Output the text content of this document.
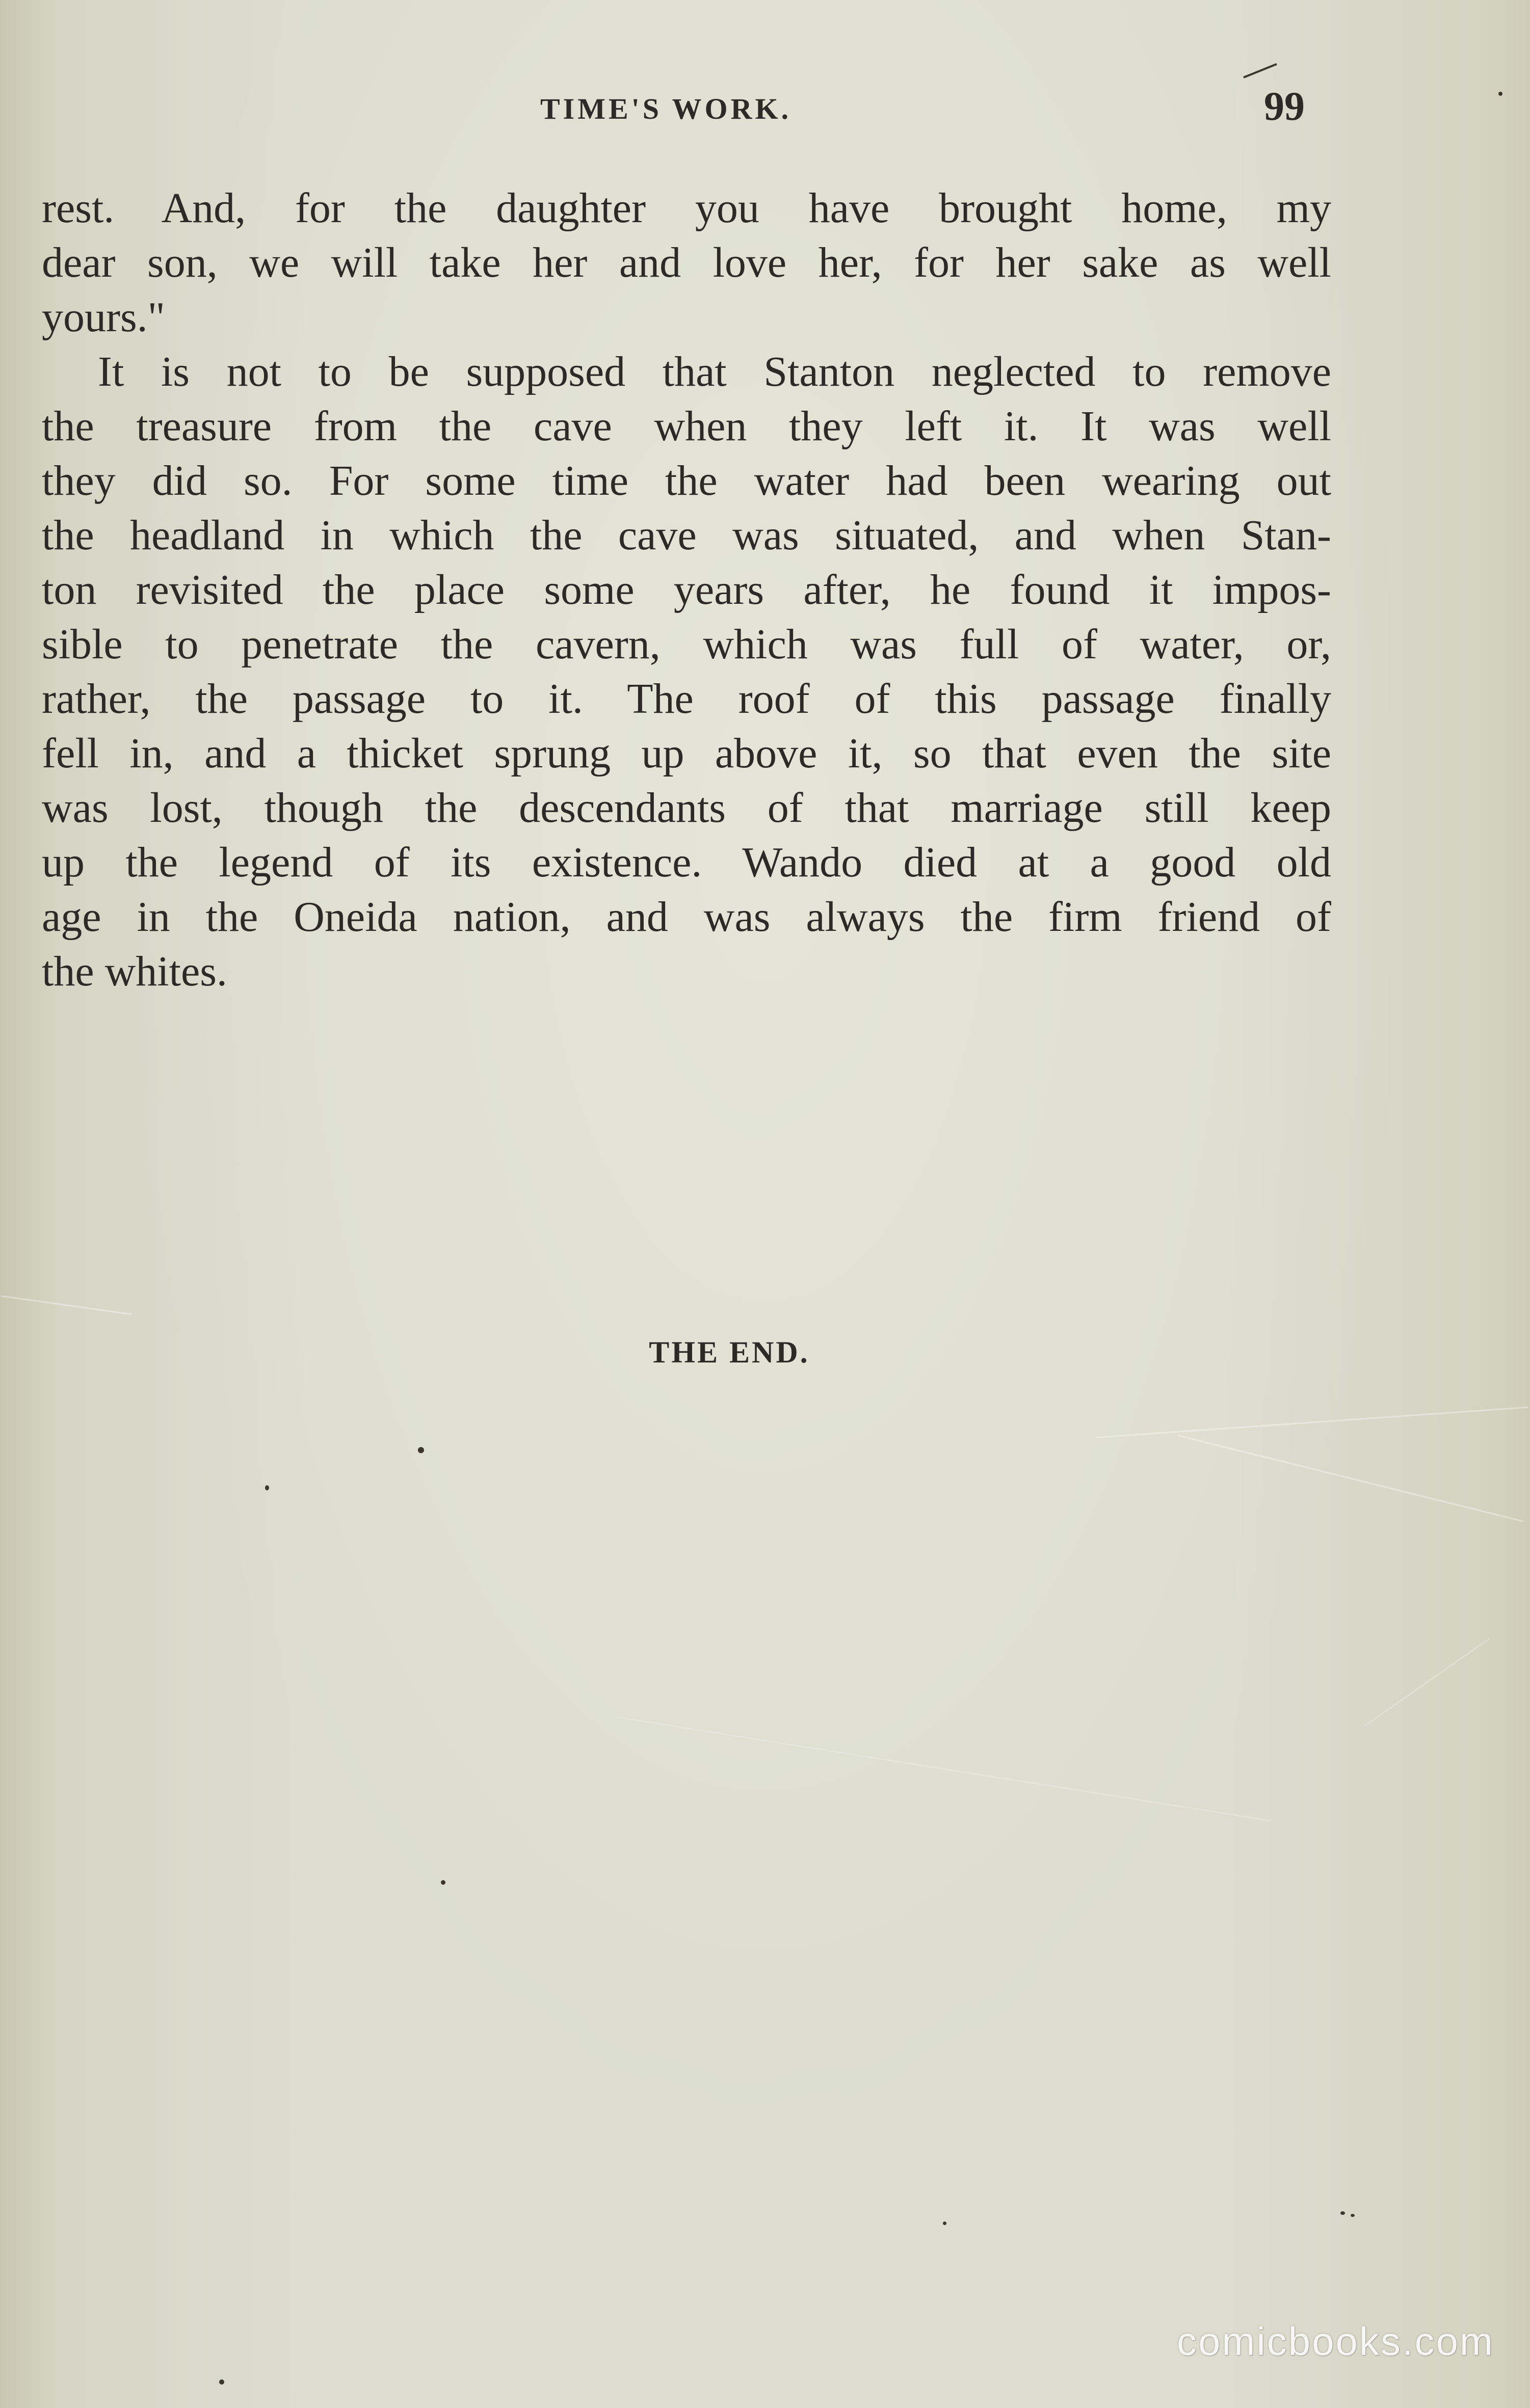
TIME'S WORK.	99
rest. And, for the daughter you have brought home, my
dear son, we will take her and love her, for her sake as well
yours."
It is not to be supposed that Stanton neglected to remove
the treasure from the cave when they left it. It was well
they did so. For some time the water had been wearing out
the headland in which the cave was situated, and when Stan-
ton revisited the place some years after, he found it impos-
sible to penetrate the cavern, which was full of water, or,
rather, the passage to it. The roof of this passage finally
fell in, and a thicket sprung up above it, so that even the site
was lost, though the descendants of that marriage still keep
up the legend of its existence. Wando died at a good old
age in the Oneida nation, and was always the firm friend of
the whites.
THE END.
comicbooks.com
